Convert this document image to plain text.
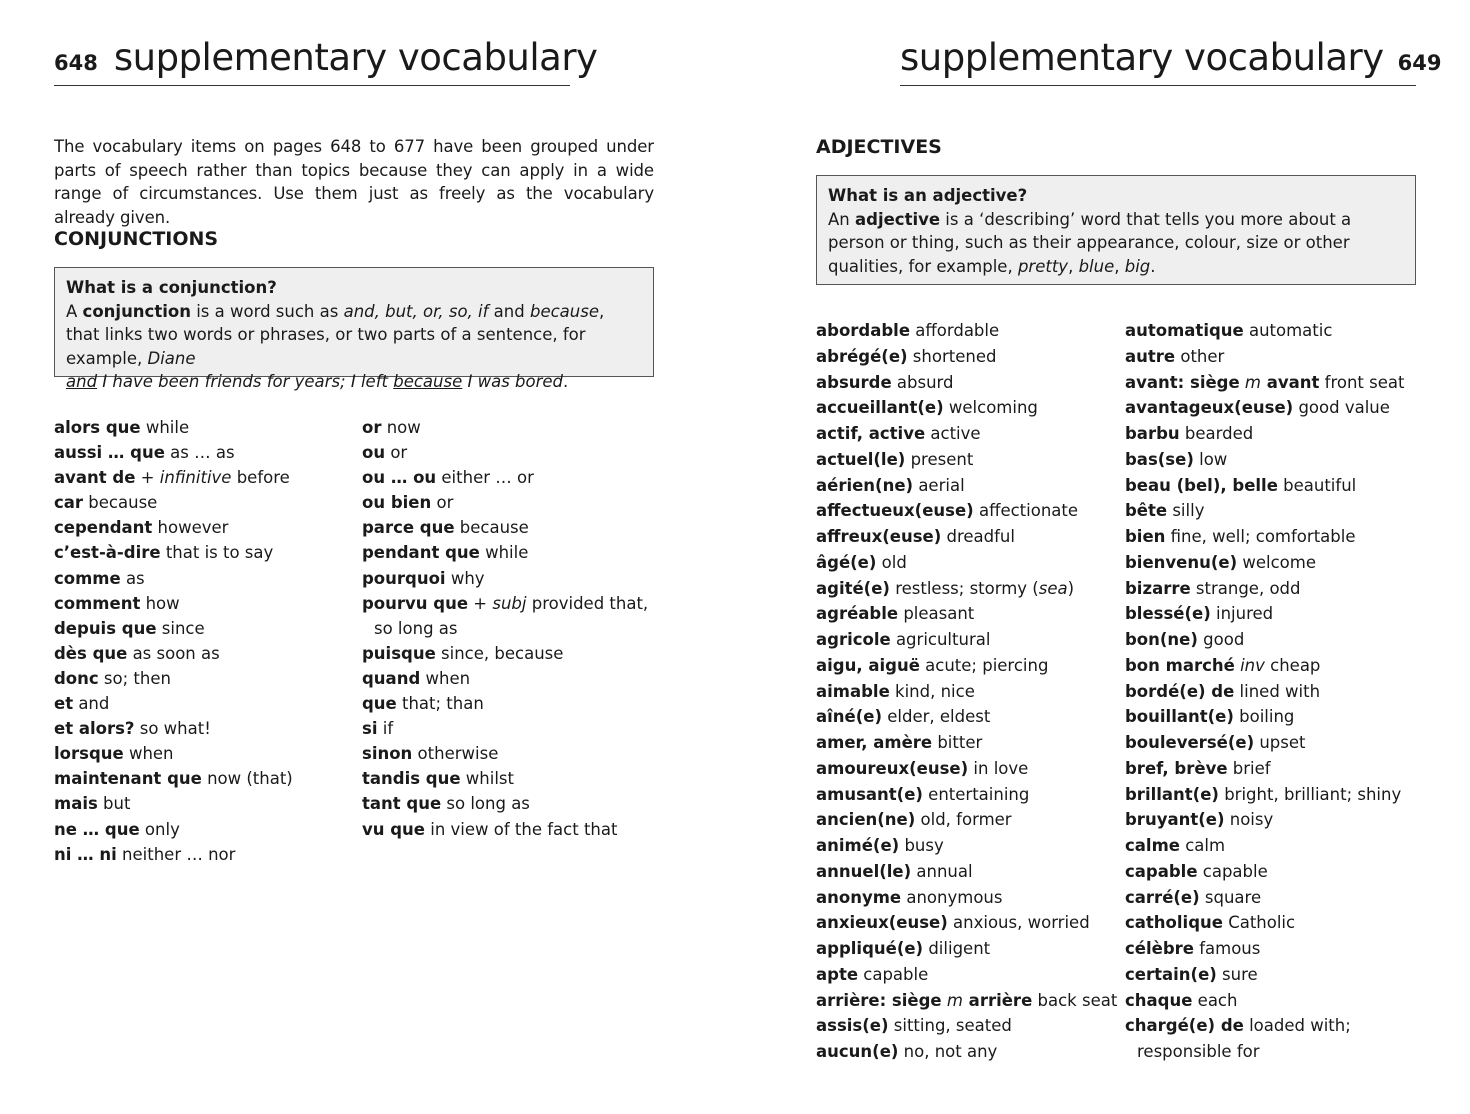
648 supplementary vocabulary
The vocabulary items on pages 648 to 677 have been grouped under parts of speech rather than topics because they can apply in a wide range of circumstances. Use them just as freely as the vocabulary already given.
CONJUNCTIONS
What is a conjunction?
A conjunction is a word such as and, but, or, so, if and because, that links two words or phrases, or two parts of a sentence, for example, Diane
and I have been friends for years; I left because I was bored.
alors que while
aussi … que as … as
avant de + infinitive before
car because
cependant however
c’est-à-dire that is to say
comme as
comment how
depuis que since
dès que as soon as
donc so; then
et and
et alors? so what!
lorsque when
maintenant que now (that)
mais but
ne … que only
ni … ni neither … nor
or now
ou or
ou … ou either … or
ou bien or
parce que because
pendant que while
pourquoi why
pourvu que + subj provided that,
so long as
puisque since, because
quand when
que that; than
si if
sinon otherwise
tandis que whilst
tant que so long as
vu que in view of the fact that
supplementary vocabulary 649
ADJECTIVES
What is an adjective?
An adjective is a ‘describing’ word that tells you more about a person or thing, such as their appearance, colour, size or other qualities, for example, pretty, blue, big.
abordable affordable
abrégé(e) shortened
absurde absurd
accueillant(e) welcoming
actif, active active
actuel(le) present
aérien(ne) aerial
affectueux(euse) affectionate
affreux(euse) dreadful
âgé(e) old
agité(e) restless; stormy (sea)
agréable pleasant
agricole agricultural
aigu, aiguë acute; piercing
aimable kind, nice
aîné(e) elder, eldest
amer, amère bitter
amoureux(euse) in love
amusant(e) entertaining
ancien(ne) old, former
animé(e) busy
annuel(le) annual
anonyme anonymous
anxieux(euse) anxious, worried
appliqué(e) diligent
apte capable
arrière: siège m arrière back seat
assis(e) sitting, seated
aucun(e) no, not any
automatique automatic
autre other
avant: siège m avant front seat
avantageux(euse) good value
barbu bearded
bas(se) low
beau (bel), belle beautiful
bête silly
bien fine, well; comfortable
bienvenu(e) welcome
bizarre strange, odd
blessé(e) injured
bon(ne) good
bon marché inv cheap
bordé(e) de lined with
bouillant(e) boiling
bouleversé(e) upset
bref, brève brief
brillant(e) bright, brilliant; shiny
bruyant(e) noisy
calme calm
capable capable
carré(e) square
catholique Catholic
célèbre famous
certain(e) sure
chaque each
chargé(e) de loaded with;
responsible for
